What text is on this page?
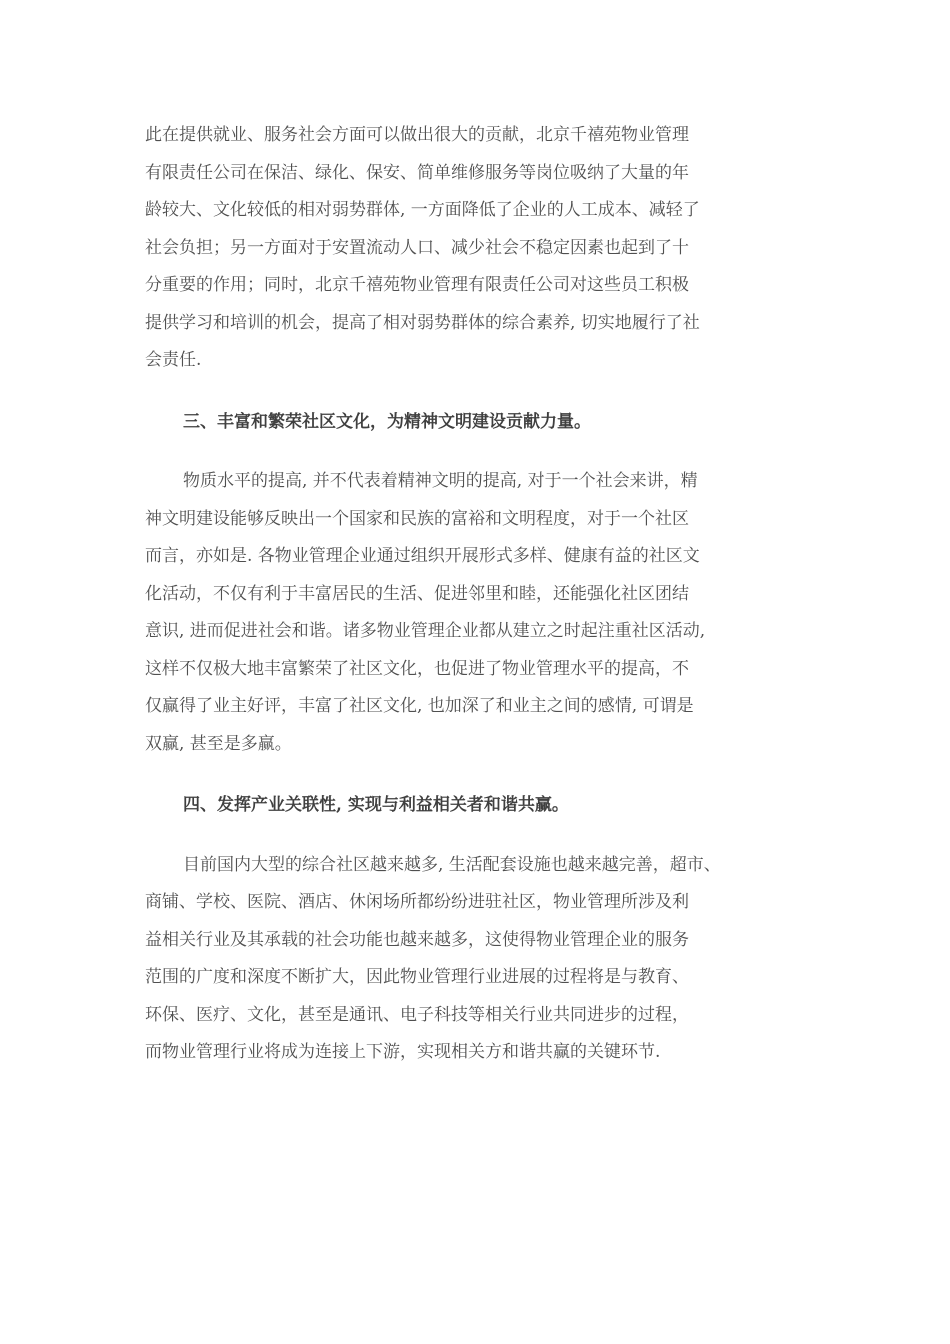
此在提供就业、服务社会方面可以做出很大的贡献，北京千禧苑物业管理
有限责任公司在保洁、绿化、保安、简单维修服务等岗位吸纳了大量的年
龄较大、文化较低的相对弱势群体, 一方面降低了企业的人工成本、减轻了
社会负担；另一方面对于安置流动人口、减少社会不稳定因素也起到了十
分重要的作用；同时，北京千禧苑物业管理有限责任公司对这些员工积极
提供学习和培训的机会，提高了相对弱势群体的综合素养, 切实地履行了社
会责任.

三、丰富和繁荣社区文化，为精神文明建设贡献力量。

物质水平的提高, 并不代表着精神文明的提高, 对于一个社会来讲，精
神文明建设能够反映出一个国家和民族的富裕和文明程度，对于一个社区
而言，亦如是. 各物业管理企业通过组织开展形式多样、健康有益的社区文
化活动，不仅有利于丰富居民的生活、促进邻里和睦，还能强化社区团结
意识, 进而促进社会和谐。诸多物业管理企业都从建立之时起注重社区活动,
这样不仅极大地丰富繁荣了社区文化，也促进了物业管理水平的提高，不
仅赢得了业主好评，丰富了社区文化, 也加深了和业主之间的感情, 可谓是
双赢, 甚至是多赢。

四、发挥产业关联性, 实现与利益相关者和谐共赢。

目前国内大型的综合社区越来越多, 生活配套设施也越来越完善，超市、
商铺、学校、医院、酒店、休闲场所都纷纷进驻社区，物业管理所涉及利
益相关行业及其承载的社会功能也越来越多，这使得物业管理企业的服务
范围的广度和深度不断扩大，因此物业管理行业进展的过程将是与教育、
环保、医疗、文化，甚至是通讯、电子科技等相关行业共同进步的过程，
而物业管理行业将成为连接上下游，实现相关方和谐共赢的关键环节.
